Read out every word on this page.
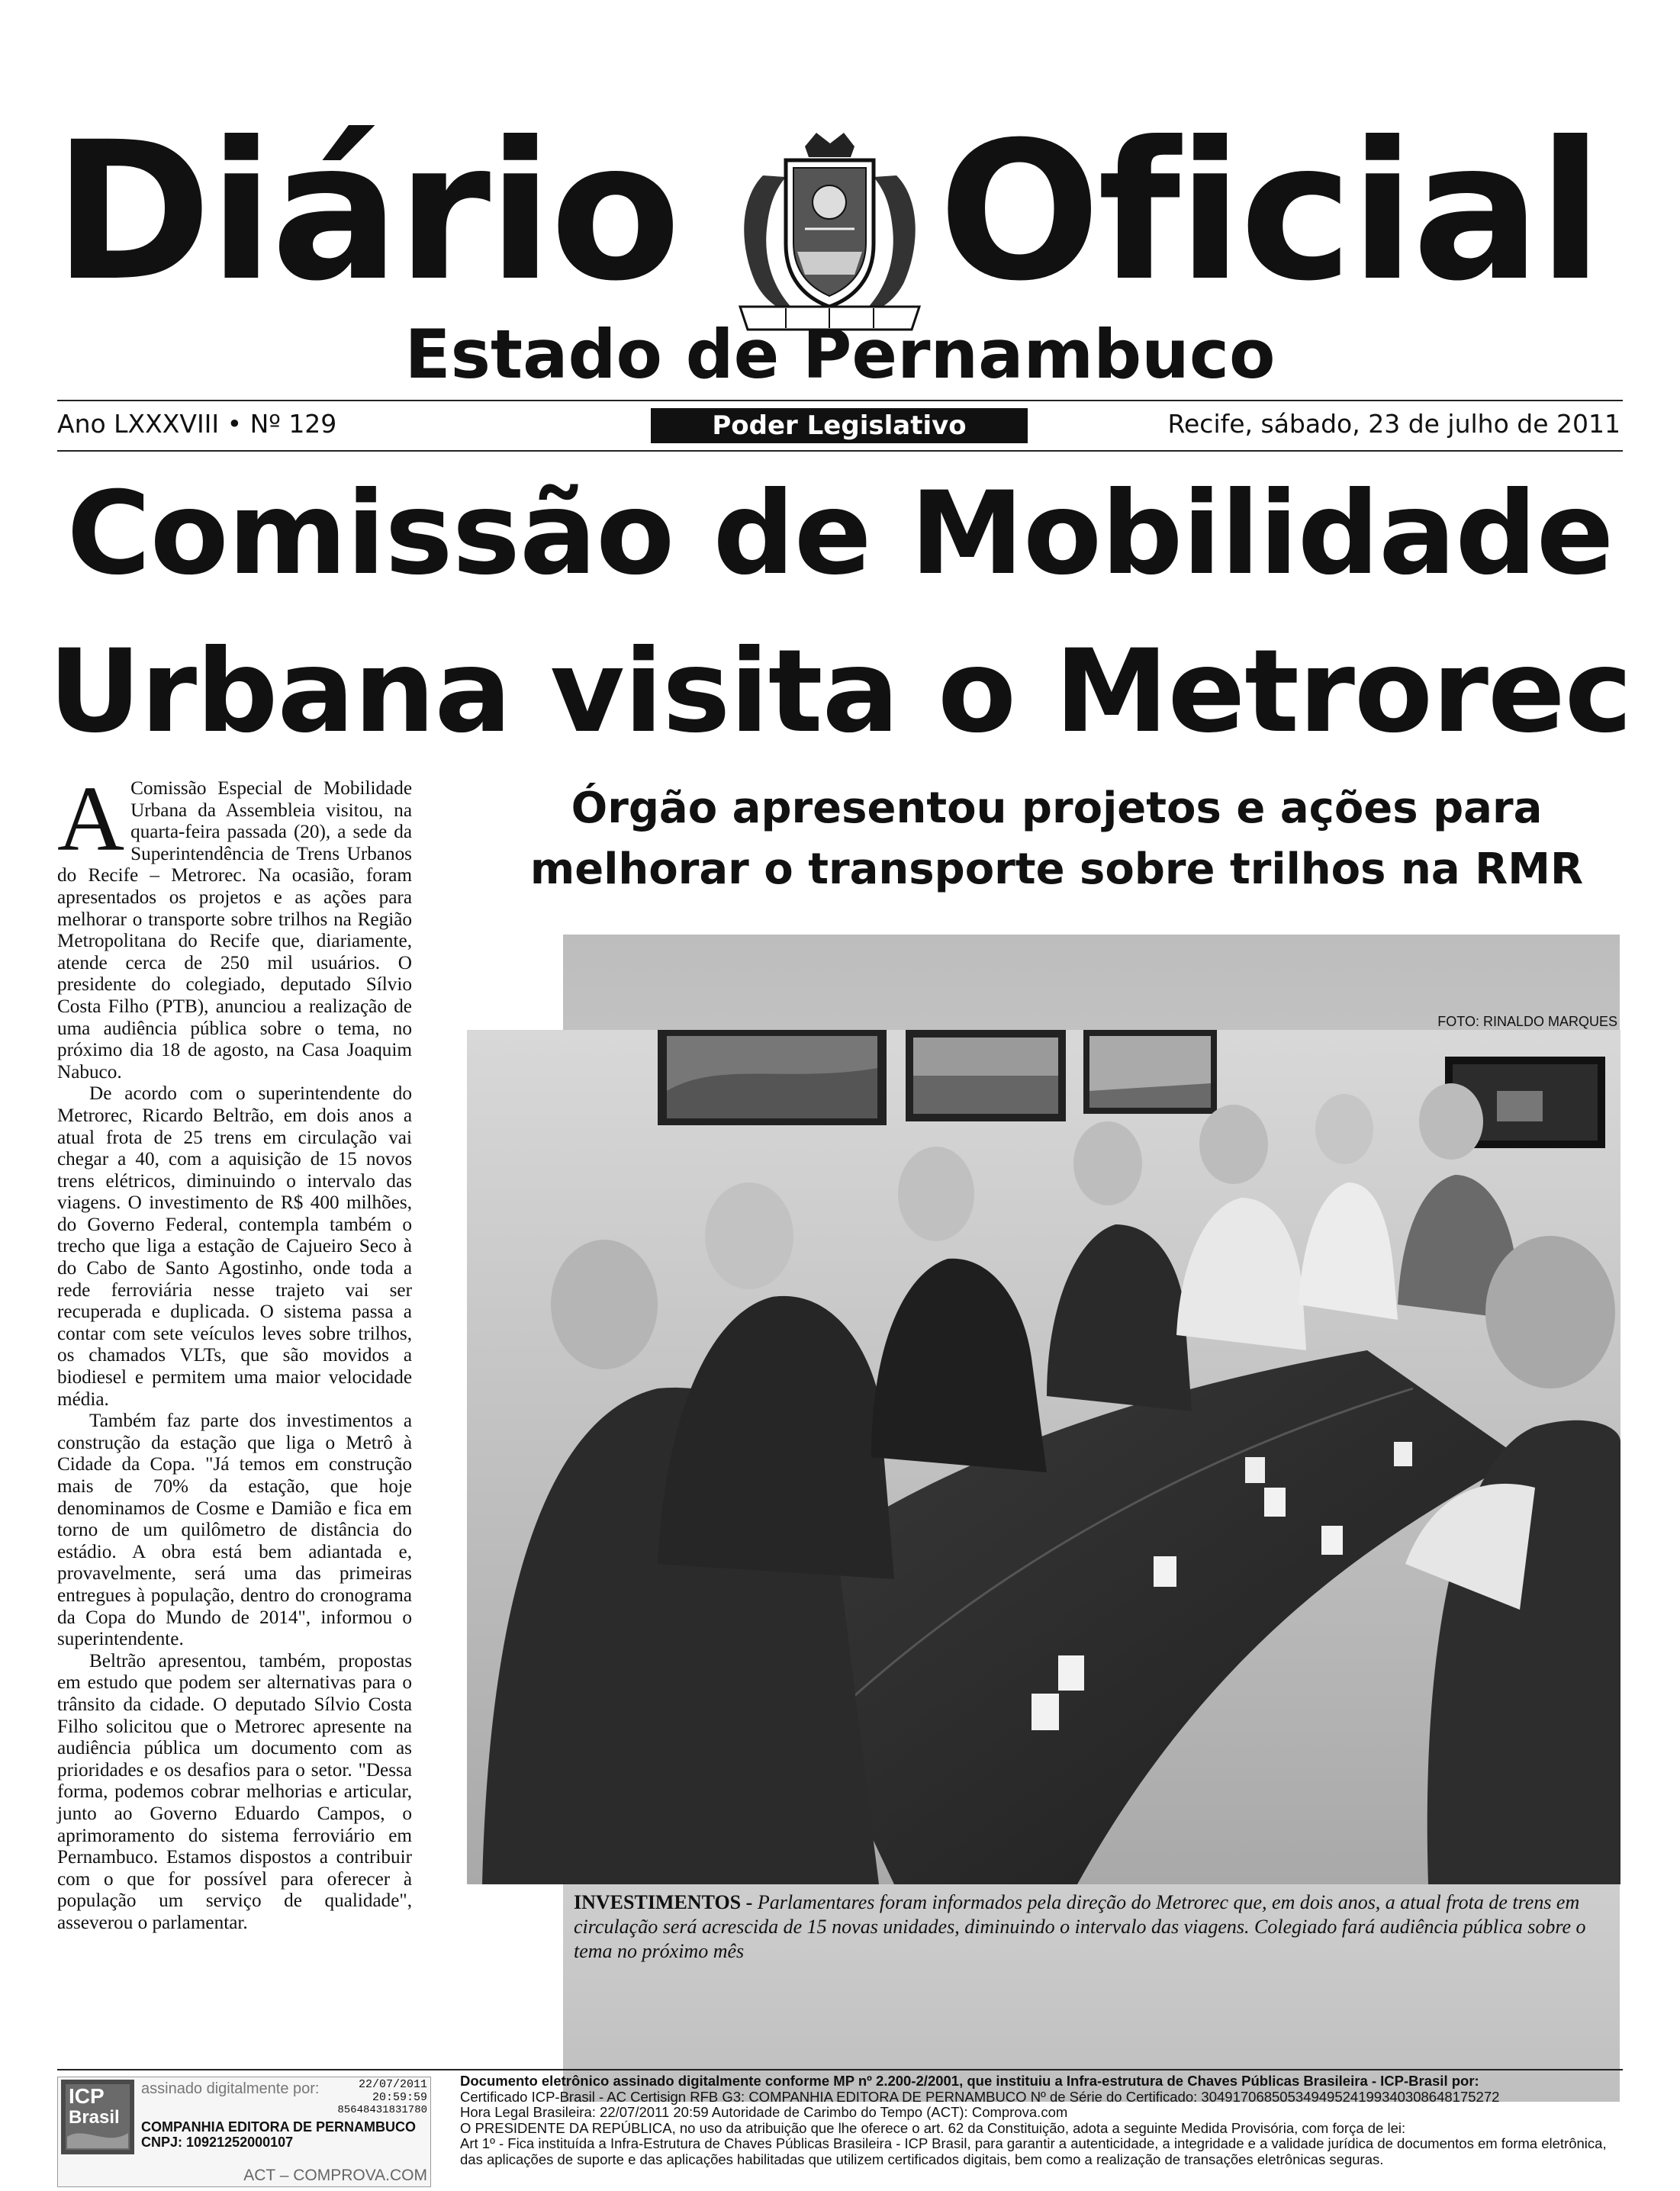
Diário Oficial
Estado de Pernambuco
Ano LXXXVIII • Nº 129	Poder Legislativo	Recife, sábado, 23 de julho de 2011
Comissão de Mobilidade
Urbana visita o Metrorec

A Comissão Especial de Mobilidade Urbana da Assembleia visitou, na quarta-feira passada (20), a sede da Superintendência de Trens Urbanos do Recife – Metrorec. Na ocasião, foram apresentados os projetos e as ações para melhorar o transporte sobre trilhos na Região Metropolitana do Recife que, diariamente, atende cerca de 250 mil usuários. O presidente do colegiado, deputado Sílvio Costa Filho (PTB), anunciou a realização de uma audiência pública sobre o tema, no próximo dia 18 de agosto, na Casa Joaquim Nabuco.

De acordo com o superintendente do Metrorec, Ricardo Beltrão, em dois anos a atual frota de 25 trens em circulação vai chegar a 40, com a aquisição de 15 novos trens elétricos, diminuindo o intervalo das viagens. O investimento de R$ 400 milhões, do Governo Federal, contempla também o trecho que liga a estação de Cajueiro Seco à do Cabo de Santo Agostinho, onde toda a rede ferroviária nesse trajeto vai ser recuperada e duplicada. O sistema passa a contar com sete veículos leves sobre trilhos, os chamados VLTs, que são movidos a biodiesel e permitem uma maior velocidade média.

Também faz parte dos investimentos a construção da estação que liga o Metrô à Cidade da Copa. "Já temos em construção mais de 70% da estação, que hoje denominamos de Cosme e Damião e fica em torno de um quilômetro de distância do estádio. A obra está bem adiantada e, provavelmente, será uma das primeiras entregues à população, dentro do cronograma da Copa do Mundo de 2014", informou o superintendente.

Beltrão apresentou, também, propostas em estudo que podem ser alternativas para o trânsito da cidade. O deputado Sílvio Costa Filho solicitou que o Metrorec apresente na audiência pública um documento com as prioridades e os desafios para o setor. "Dessa forma, podemos cobrar melhorias e articular, junto ao Governo Eduardo Campos, o aprimoramento do sistema ferroviário em Pernambuco. Estamos dispostos a contribuir com o que for possível para oferecer à população um serviço de qualidade", asseverou o parlamentar.

Órgão apresentou projetos e ações para melhorar o transporte sobre trilhos na RMR
FOTO: RINALDO MARQUES
INVESTIMENTOS - Parlamentares foram informados pela direção do Metrorec que, em dois anos, a atual frota de trens em circulação será acrescida de 15 novas unidades, diminuindo o intervalo das viagens. Colegiado fará audiência pública sobre o tema no próximo mês
ICP
Brasil
assinado digitalmente por:	22/07/2011
20:59:59
85648431831780
COMPANHIA EDITORA DE PERNAMBUCO
CNPJ: 10921252000107
ACT – COMPROVA.COM
Documento eletrônico assinado digitalmente conforme MP nº 2.200-2/2001, que instituiu a Infra-estrutura de Chaves Públicas Brasileira - ICP-Brasil por:
Certificado ICP-Brasil - AC Certisign RFB G3: COMPANHIA EDITORA DE PERNAMBUCO Nº de Série do Certificado: 304917068505349495241993403086481752​72
Hora Legal Brasileira: 22/07/2011 20:59 Autoridade de Carimbo do Tempo (ACT): Comprova.com
O PRESIDENTE DA REPÚBLICA, no uso da atribuição que lhe oferece o art. 62 da Constituição, adota a seguinte Medida Provisória, com força de lei:
Art 1º - Fica instituída a Infra-Estrutura de Chaves Públicas Brasileira - ICP Brasil, para garantir a autenticidade, a integridade e a validade jurídica de documentos em forma eletrônica,
das aplicações de suporte e das aplicações habilitadas que utilizem certificados digitais, bem como a realização de transações eletrônicas seguras.
